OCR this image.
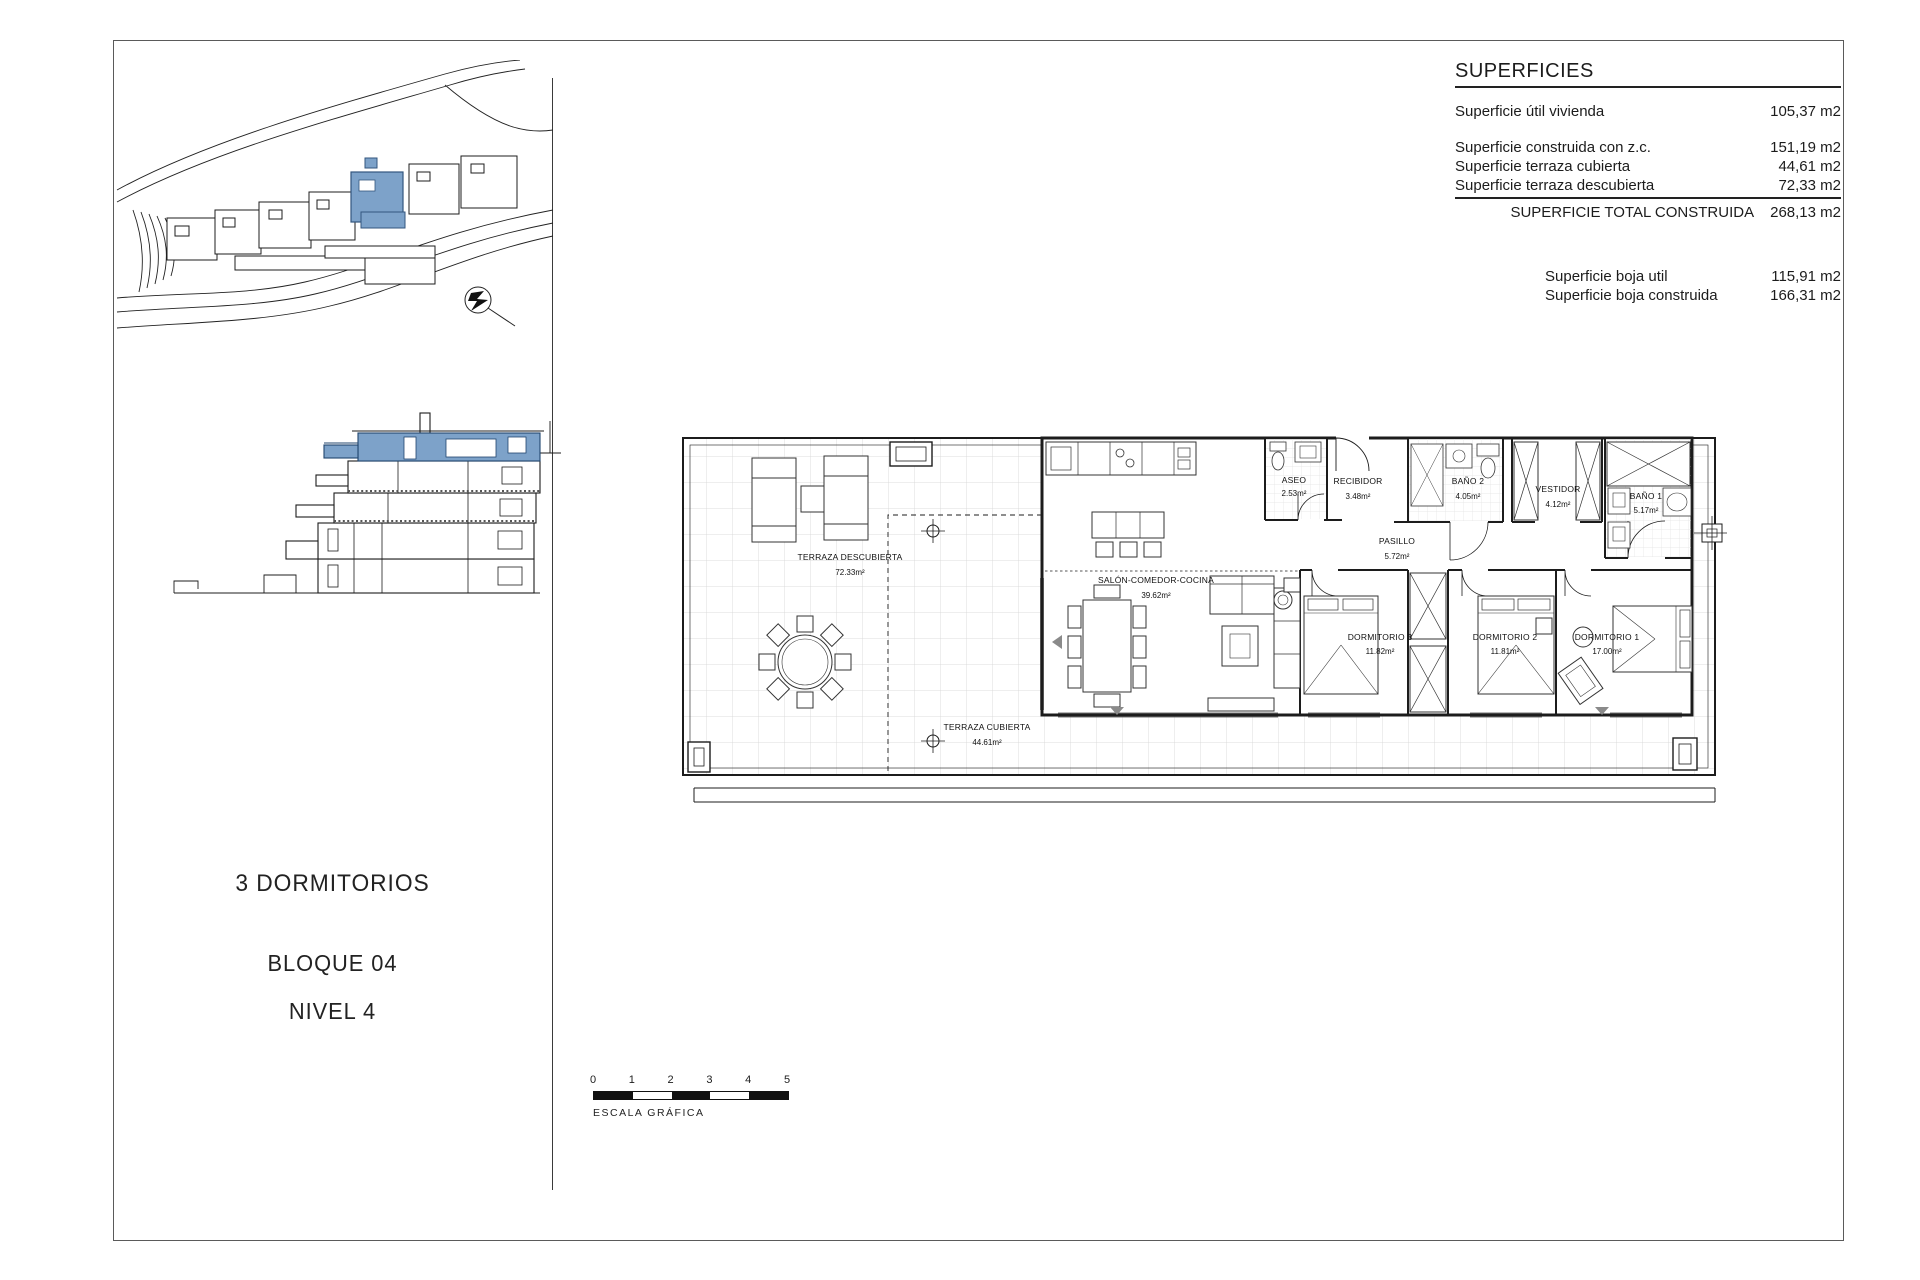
3 DORMITORIOS
BLOQUE 04
NIVEL 4
0	1	2	3	4	5
ESCALA GRÁFICA
SUPERFICIES
Superficie útil vivienda	105,37 m2
Superficie construida con z.c.	151,19 m2
Superficie terraza cubierta	44,61 m2
Superficie terraza descubierta	72,33 m2
SUPERFICIE TOTAL CONSTRUIDA 268,13 m2
Superficie boja util	115,91 m2
Superficie boja construida	166,31 m2
TERRAZA DESCUBIERTA
72.33m²
TERRAZA CUBIERTA
44.61m²
SALÓN-COMEDOR-COCINA
39.62m²
ASEO
2.53m²
RECIBIDOR
3.48m²
BAÑO 2
4.05m²
VESTIDOR
4.12m²
BAÑO 1
5.17m²
PASILLO
5.72m²
DORMITORIO 3
11.82m²
DORMITORIO 2
11.81m²
DORMITORIO 1
17.00m²
